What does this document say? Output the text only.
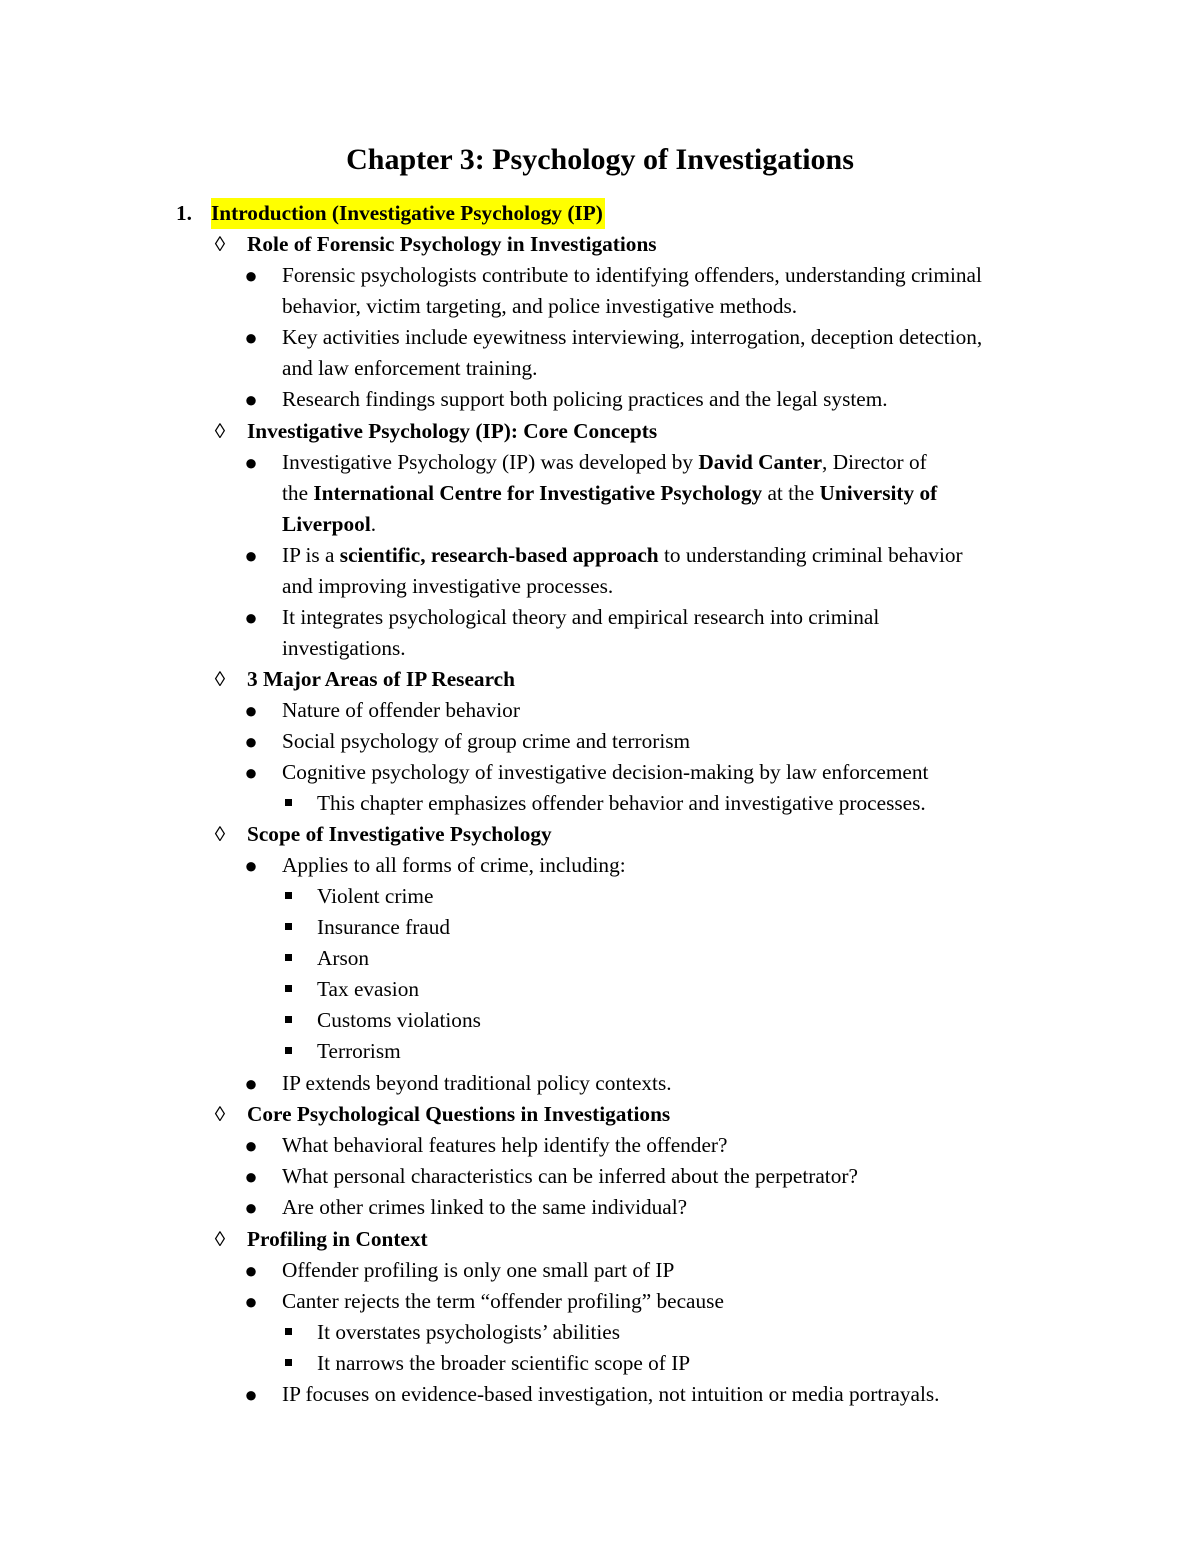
Chapter 3: Psychology of Investigations
1. Introduction (Investigative Psychology (IP)
◊ Role of Forensic Psychology in Investigations
● Forensic psychologists contribute to identifying offenders, understanding criminal
behavior, victim targeting, and police investigative methods.
● Key activities include eyewitness interviewing, interrogation, deception detection,
and law enforcement training.
● Research findings support both policing practices and the legal system.
◊ Investigative Psychology (IP): Core Concepts
● Investigative Psychology (IP) was developed by David Canter, Director of
the International Centre for Investigative Psychology at the University of
Liverpool.
● IP is a scientific, research-based approach to understanding criminal behavior
and improving investigative processes.
● It integrates psychological theory and empirical research into criminal
investigations.
◊ 3 Major Areas of IP Research
● Nature of offender behavior
● Social psychology of group crime and terrorism
● Cognitive psychology of investigative decision-making by law enforcement
This chapter emphasizes offender behavior and investigative processes.
◊ Scope of Investigative Psychology
● Applies to all forms of crime, including:
Violent crime
Insurance fraud
Arson
Tax evasion
Customs violations
Terrorism
● IP extends beyond traditional policy contexts.
◊ Core Psychological Questions in Investigations
● What behavioral features help identify the offender?
● What personal characteristics can be inferred about the perpetrator?
● Are other crimes linked to the same individual?
◊ Profiling in Context
● Offender profiling is only one small part of IP
● Canter rejects the term “offender profiling” because
It overstates psychologists’ abilities
It narrows the broader scientific scope of IP
● IP focuses on evidence-based investigation, not intuition or media portrayals.
